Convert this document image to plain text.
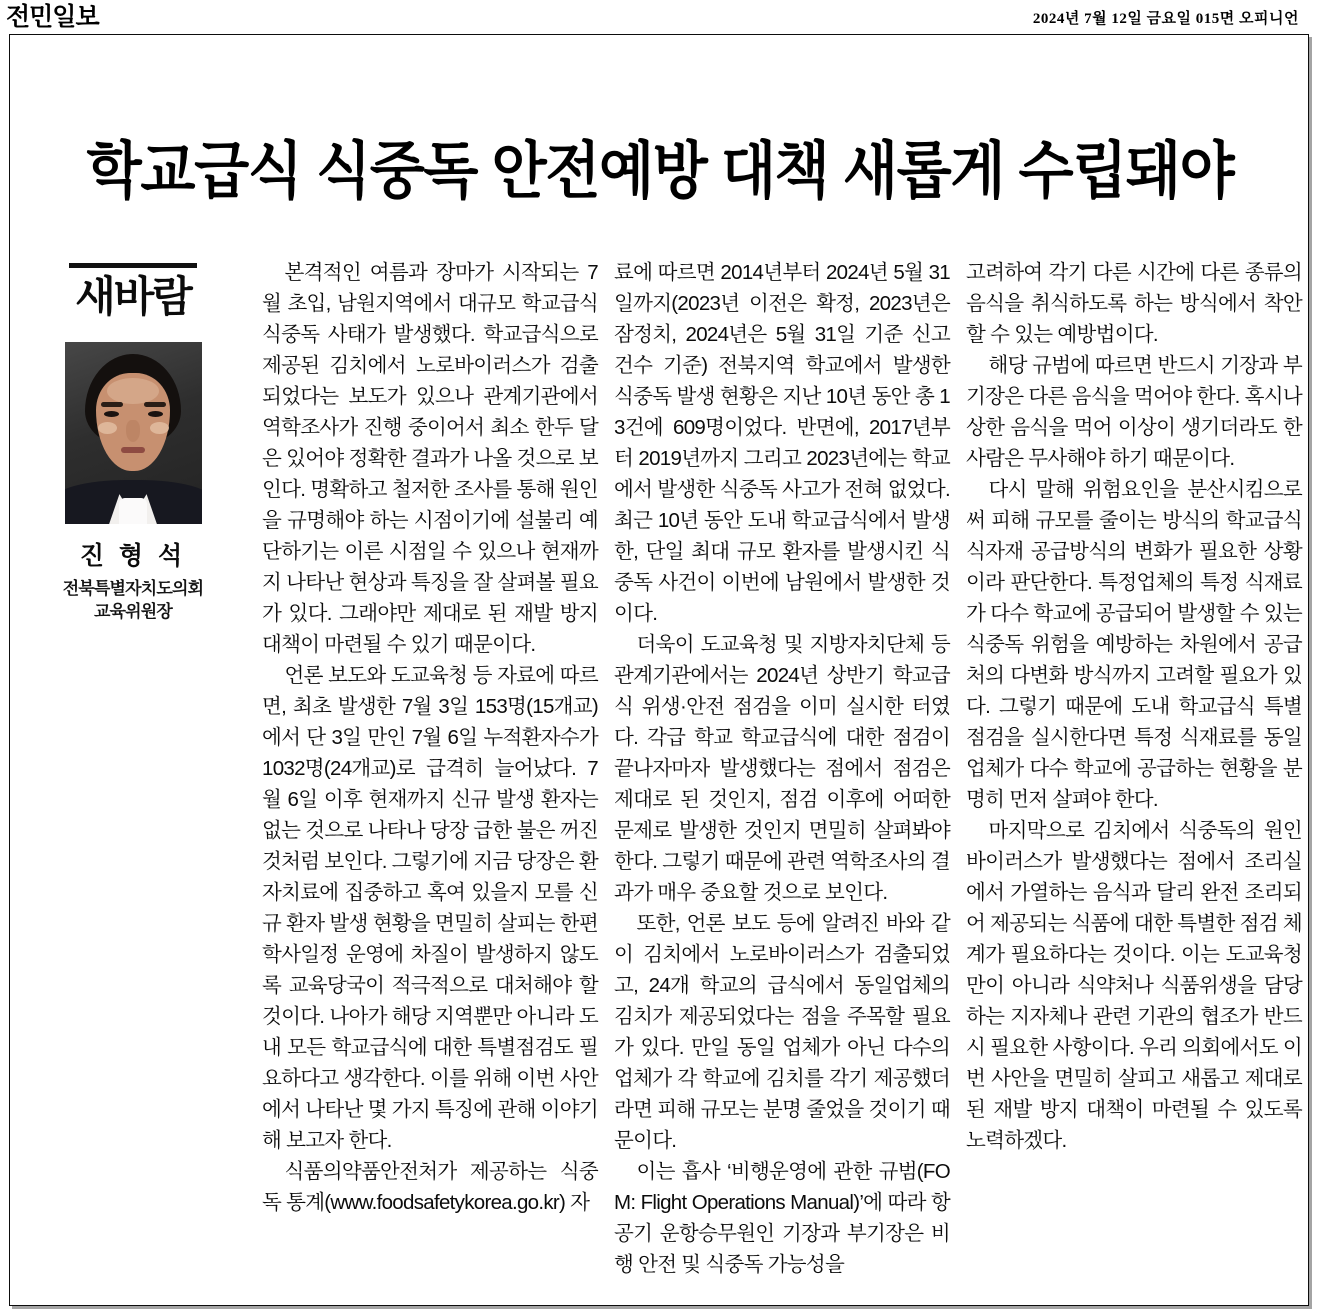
전민일보	2024년 7월 12일 금요일 015면 오피니언
학교급식 식중독 안전예방 대책 새롭게 수립돼야
새바람
진 형 석
전북특별자치도의회
교육위원장

본격적인 여름과 장마가 시작되는 7월 초입, 남원지역에서 대규모 학교급식 식중독 사태가 발생했다. 학교급식으로 제공된 김치에서 노로바이러스가 검출되었다는 보도가 있으나 관계기관에서 역학조사가 진행 중이어서 최소 한두 달은 있어야 정확한 결과가 나올 것으로 보인다. 명확하고 철저한 조사를 통해 원인을 규명해야 하는 시점이기에 설불리 예단하기는 이른 시점일 수 있으나 현재까지 나타난 현상과 특징을 잘 살펴볼 필요가 있다. 그래야만 제대로 된 재발 방지 대책이 마련될 수 있기 때문이다.

언론 보도와 도교육청 등 자료에 따르면, 최초 발생한 7월 3일 153명(15개교)에서 단 3일 만인 7월 6일 누적환자수가 1032명(24개교)로 급격히 늘어났다. 7월 6일 이후 현재까지 신규 발생 환자는 없는 것으로 나타나 당장 급한 불은 꺼진 것처럼 보인다. 그렇기에 지금 당장은 환자치료에 집중하고 혹여 있을지 모를 신규 환자 발생 현황을 면밀히 살피는 한편 학사일정 운영에 차질이 발생하지 않도록 교육당국이 적극적으로 대처해야 할 것이다. 나아가 해당 지역뿐만 아니라 도내 모든 학교급식에 대한 특별점검도 필요하다고 생각한다. 이를 위해 이번 사안에서 나타난 몇 가지 특징에 관해 이야기해 보고자 한다.

식품의약품안전처가 제공하는 식중독 통계(www.foodsafetykorea.go.kr) 자

료에 따르면 2014년부터 2024년 5월 31일까지(2023년 이전은 확정, 2023년은 잠정치, 2024년은 5월 31일 기준 신고 건수 기준) 전북지역 학교에서 발생한 식중독 발생 현황은 지난 10년 동안 총 13건에 609명이었다. 반면에, 2017년부터 2019년까지 그리고 2023년에는 학교에서 발생한 식중독 사고가 전혀 없었다. 최근 10년 동안 도내 학교급식에서 발생한, 단일 최대 규모 환자를 발생시킨 식중독 사건이 이번에 남원에서 발생한 것이다.

더욱이 도교육청 및 지방자치단체 등 관계기관에서는 2024년 상반기 학교급식 위생·안전 점검을 이미 실시한 터였다. 각급 학교 학교급식에 대한 점검이 끝나자마자 발생했다는 점에서 점검은 제대로 된 것인지, 점검 이후에 어떠한 문제로 발생한 것인지 면밀히 살펴봐야 한다. 그렇기 때문에 관련 역학조사의 결과가 매우 중요할 것으로 보인다.

또한, 언론 보도 등에 알려진 바와 같이 김치에서 노로바이러스가 검출되었고, 24개 학교의 급식에서 동일업체의 김치가 제공되었다는 점을 주목할 필요가 있다. 만일 동일 업체가 아닌 다수의 업체가 각 학교에 김치를 각기 제공했더라면 피해 규모는 분명 줄었을 것이기 때문이다.

이는 흡사 ‘비행운영에 관한 규범(FOM: Flight Operations Manual)’에 따라 항공기 운항승무원인 기장과 부기장은 비행 안전 및 식중독 가능성을

고려하여 각기 다른 시간에 다른 종류의 음식을 취식하도록 하는 방식에서 착안할 수 있는 예방법이다.

해당 규범에 따르면 반드시 기장과 부기장은 다른 음식을 먹어야 한다. 혹시나 상한 음식을 먹어 이상이 생기더라도 한 사람은 무사해야 하기 때문이다.

다시 말해 위험요인을 분산시킴으로써 피해 규모를 줄이는 방식의 학교급식 식자재 공급방식의 변화가 필요한 상황이라 판단한다. 특정업체의 특정 식재료가 다수 학교에 공급되어 발생할 수 있는 식중독 위험을 예방하는 차원에서 공급처의 다변화 방식까지 고려할 필요가 있다. 그렇기 때문에 도내 학교급식 특별 점검을 실시한다면 특정 식재료를 동일업체가 다수 학교에 공급하는 현황을 분명히 먼저 살펴야 한다.

마지막으로 김치에서 식중독의 원인 바이러스가 발생했다는 점에서 조리실에서 가열하는 음식과 달리 완전 조리되어 제공되는 식품에 대한 특별한 점검 체계가 필요하다는 것이다. 이는 도교육청만이 아니라 식약처나 식품위생을 담당하는 지자체나 관련 기관의 협조가 반드시 필요한 사항이다. 우리 의회에서도 이번 사안을 면밀히 살피고 새롭고 제대로 된 재발 방지 대책이 마련될 수 있도록 노력하겠다.
